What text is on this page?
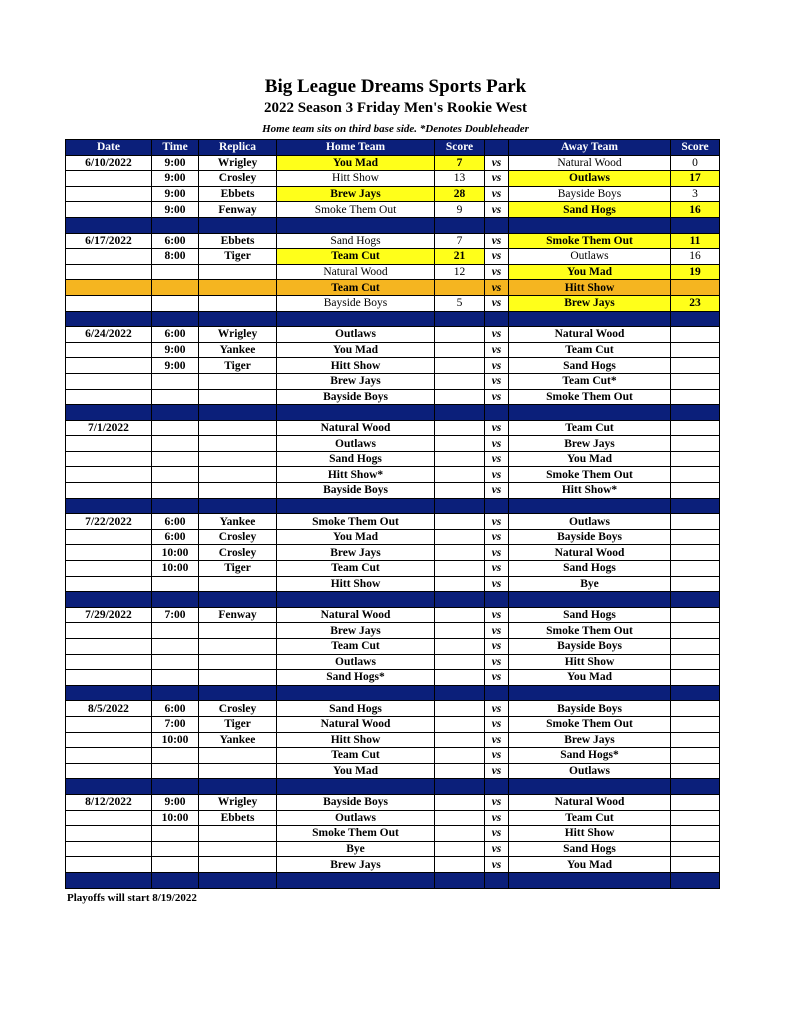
Big League Dreams Sports Park
2022 Season 3 Friday Men's Rookie West
Home team sits on third base side. *Denotes Doubleheader
Date	Time	Replica	Home Team	Score		Away Team	Score
6/10/2022	9:00	Wrigley	You Mad	7	vs	Natural Wood	0
	9:00	Crosley	Hitt Show	13	vs	Outlaws	17
	9:00	Ebbets	Brew Jays	28	vs	Bayside Boys	3
	9:00	Fenway	Smoke Them Out	9	vs	Sand Hogs	16

6/17/2022	6:00	Ebbets	Sand Hogs	7	vs	Smoke Them Out	11
	8:00	Tiger	Team Cut	21	vs	Outlaws	16
			Natural Wood	12	vs	You Mad	19
			Team Cut		vs	Hitt Show	
			Bayside Boys	5	vs	Brew Jays	23

6/24/2022	6:00	Wrigley	Outlaws		vs	Natural Wood	
	9:00	Yankee	You Mad		vs	Team Cut	
	9:00	Tiger	Hitt Show		vs	Sand Hogs	
			Brew Jays		vs	Team Cut*	
			Bayside Boys		vs	Smoke Them Out	

7/1/2022			Natural Wood		vs	Team Cut	
			Outlaws		vs	Brew Jays	
			Sand Hogs		vs	You Mad	
			Hitt Show*		vs	Smoke Them Out	
			Bayside Boys		vs	Hitt Show*	

7/22/2022	6:00	Yankee	Smoke Them Out		vs	Outlaws	
	6:00	Crosley	You Mad		vs	Bayside Boys	
	10:00	Crosley	Brew Jays		vs	Natural Wood	
	10:00	Tiger	Team Cut		vs	Sand Hogs	
			Hitt Show		vs	Bye	

7/29/2022	7:00	Fenway	Natural Wood		vs	Sand Hogs	
			Brew Jays		vs	Smoke Them Out	
			Team Cut		vs	Bayside Boys	
			Outlaws		vs	Hitt Show	
			Sand Hogs*		vs	You Mad	

8/5/2022	6:00	Crosley	Sand Hogs		vs	Bayside Boys	
	7:00	Tiger	Natural Wood		vs	Smoke Them Out	
	10:00	Yankee	Hitt Show		vs	Brew Jays	
			Team Cut		vs	Sand Hogs*	
			You Mad		vs	Outlaws	

8/12/2022	9:00	Wrigley	Bayside Boys		vs	Natural Wood	
	10:00	Ebbets	Outlaws		vs	Team Cut	
			Smoke Them Out		vs	Hitt Show	
			Bye		vs	Sand Hogs	
			Brew Jays		vs	You Mad	

Playoffs will start 8/19/2022
